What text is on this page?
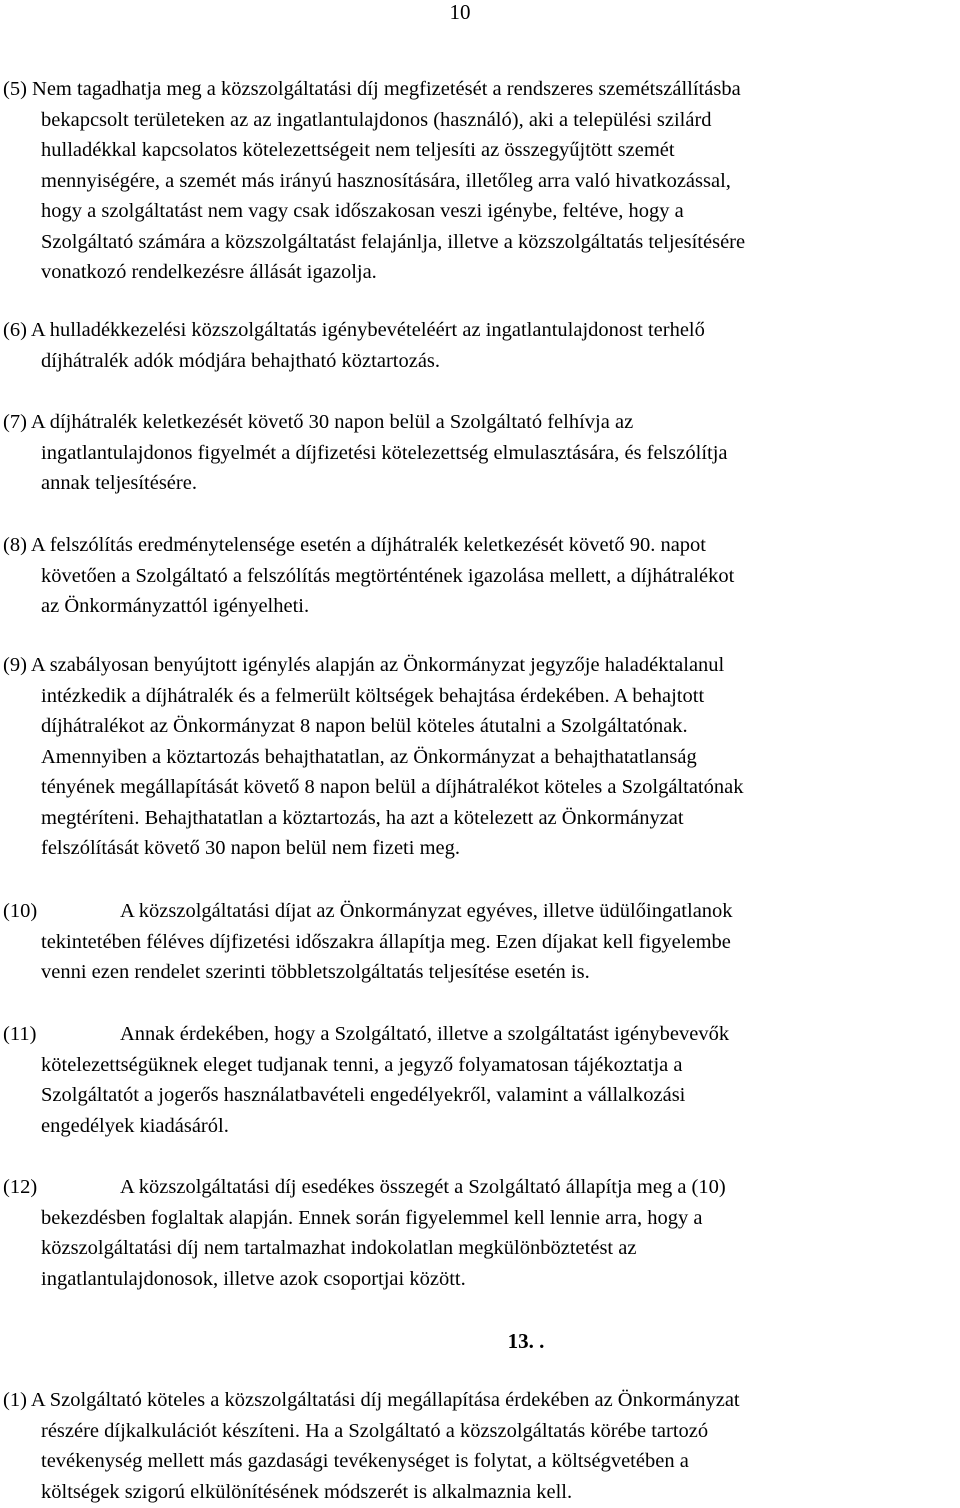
10
(5) Nem tagadhatja meg a közszolgáltatási díj megfizetését a rendszeres szemétszállításba
bekapcsolt területeken az az ingatlantulajdonos (használó), aki a települési szilárd
hulladékkal kapcsolatos kötelezettségeit nem teljesíti az összegyűjtött szemét
mennyiségére, a szemét más irányú hasznosítására, illetőleg arra való hivatkozással,
hogy a szolgáltatást nem vagy csak időszakosan veszi igénybe, feltéve, hogy a
Szolgáltató számára a közszolgáltatást felajánlja, illetve a közszolgáltatás teljesítésére
vonatkozó rendelkezésre állását igazolja.
(6) A hulladékkezelési közszolgáltatás igénybevételéért az ingatlantulajdonost terhelő
díjhátralék adók módjára behajtható köztartozás.
(7) A díjhátralék keletkezését követő 30 napon belül a Szolgáltató felhívja az
ingatlantulajdonos figyelmét a díjfizetési kötelezettség elmulasztására, és felszólítja
annak teljesítésére.
(8) A felszólítás eredménytelensége esetén a díjhátralék keletkezését követő 90. napot
követően a Szolgáltató a felszólítás megtörténtének igazolása mellett, a díjhátralékot
az Önkormányzattól igényelheti.
(9) A szabályosan benyújtott igénylés alapján az Önkormányzat jegyzője haladéktalanul
intézkedik a díjhátralék és a felmerült költségek behajtása érdekében. A behajtott
díjhátralékot az Önkormányzat 8 napon belül köteles átutalni a Szolgáltatónak.
Amennyiben a köztartozás behajthatatlan, az Önkormányzat a behajthatatlanság
tényének megállapítását követő 8 napon belül a díjhátralékot köteles a Szolgáltatónak
megtéríteni. Behajthatatlan a köztartozás, ha azt a kötelezett az Önkormányzat
felszólítását követő 30 napon belül nem fizeti meg.
(10)	A közszolgáltatási díjat az Önkormányzat egyéves, illetve üdülőingatlanok
tekintetében féléves díjfizetési időszakra állapítja meg. Ezen díjakat kell figyelembe
venni ezen rendelet szerinti többletszolgáltatás teljesítése esetén is.
(11)	Annak érdekében, hogy a Szolgáltató, illetve a szolgáltatást igénybevevők
kötelezettségüknek eleget tudjanak tenni, a jegyző folyamatosan tájékoztatja a
Szolgáltatót a jogerős használatbavételi engedélyekről, valamint a vállalkozási
engedélyek kiadásáról.
(12)	A közszolgáltatási díj esedékes összegét a Szolgáltató állapítja meg a (10)
bekezdésben foglaltak alapján. Ennek során figyelemmel kell lennie arra, hogy a
közszolgáltatási díj nem tartalmazhat indokolatlan megkülönböztetést az
ingatlantulajdonosok, illetve azok csoportjai között.
13. .
(1) A Szolgáltató köteles a közszolgáltatási díj megállapítása érdekében az Önkormányzat
részére díjkalkulációt készíteni. Ha a Szolgáltató a közszolgáltatás körébe tartozó
tevékenység mellett más gazdasági tevékenységet is folytat, a költségvetében a
költségek szigorú elkülönítésének módszerét is alkalmaznia kell.
